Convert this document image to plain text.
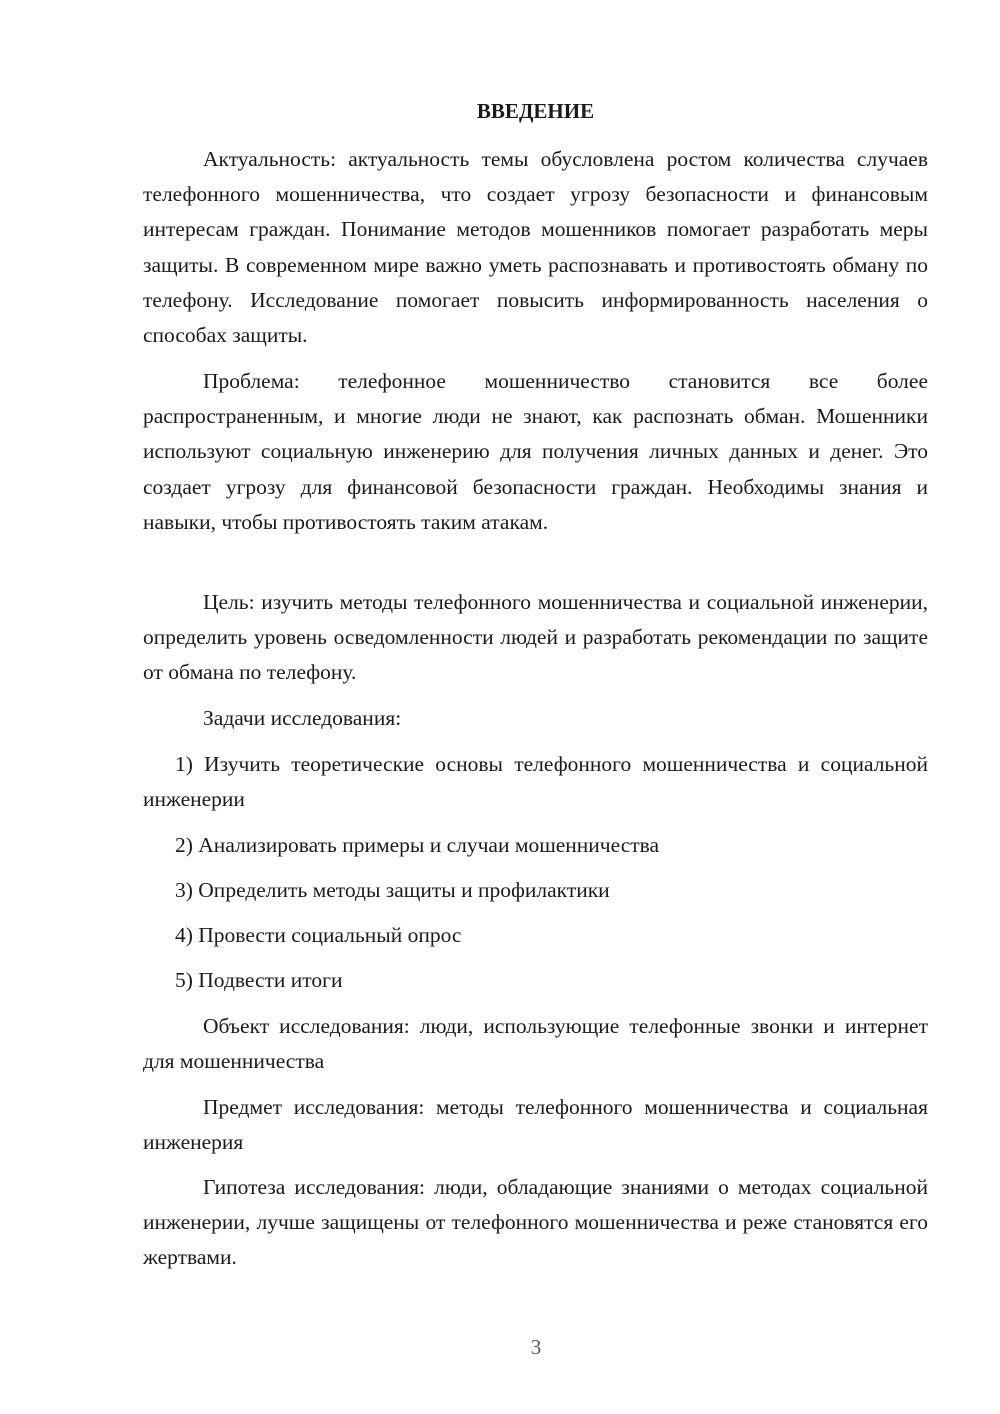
ВВЕДЕНИЕ

Актуальность: актуальность темы обусловлена ростом количества случаев телефонного мошенничества, что создает угрозу безопасности и финансовым интересам граждан. Понимание методов мошенников помогает разработать меры защиты. В современном мире важно уметь распознавать и противостоять обману по телефону. Исследование помогает повысить информированность населения о способах защиты.

Проблема: телефонное мошенничество становится все более распространенным, и многие люди не знают, как распознать обман. Мошенники используют социальную инженерию для получения личных данных и денег. Это создает угрозу для финансовой безопасности граждан. Необходимы знания и навыки, чтобы противостоять таким атакам.

Цель: изучить методы телефонного мошенничества и социальной инженерии, определить уровень осведомленности людей и разработать рекомендации по защите от обмана по телефону.

Задачи исследования:

1) Изучить теоретические основы телефонного мошенничества и социальной инженерии

2) Анализировать примеры и случаи мошенничества

3) Определить методы защиты и профилактики

4) Провести социальный опрос

5) Подвести итоги

Объект исследования: люди, использующие телефонные звонки и интернет для мошенничества

Предмет исследования: методы телефонного мошенничества и социальная инженерия

Гипотеза исследования: люди, обладающие знаниями о методах социальной инженерии, лучше защищены от телефонного мошенничества и реже становятся его жертвами.

3
